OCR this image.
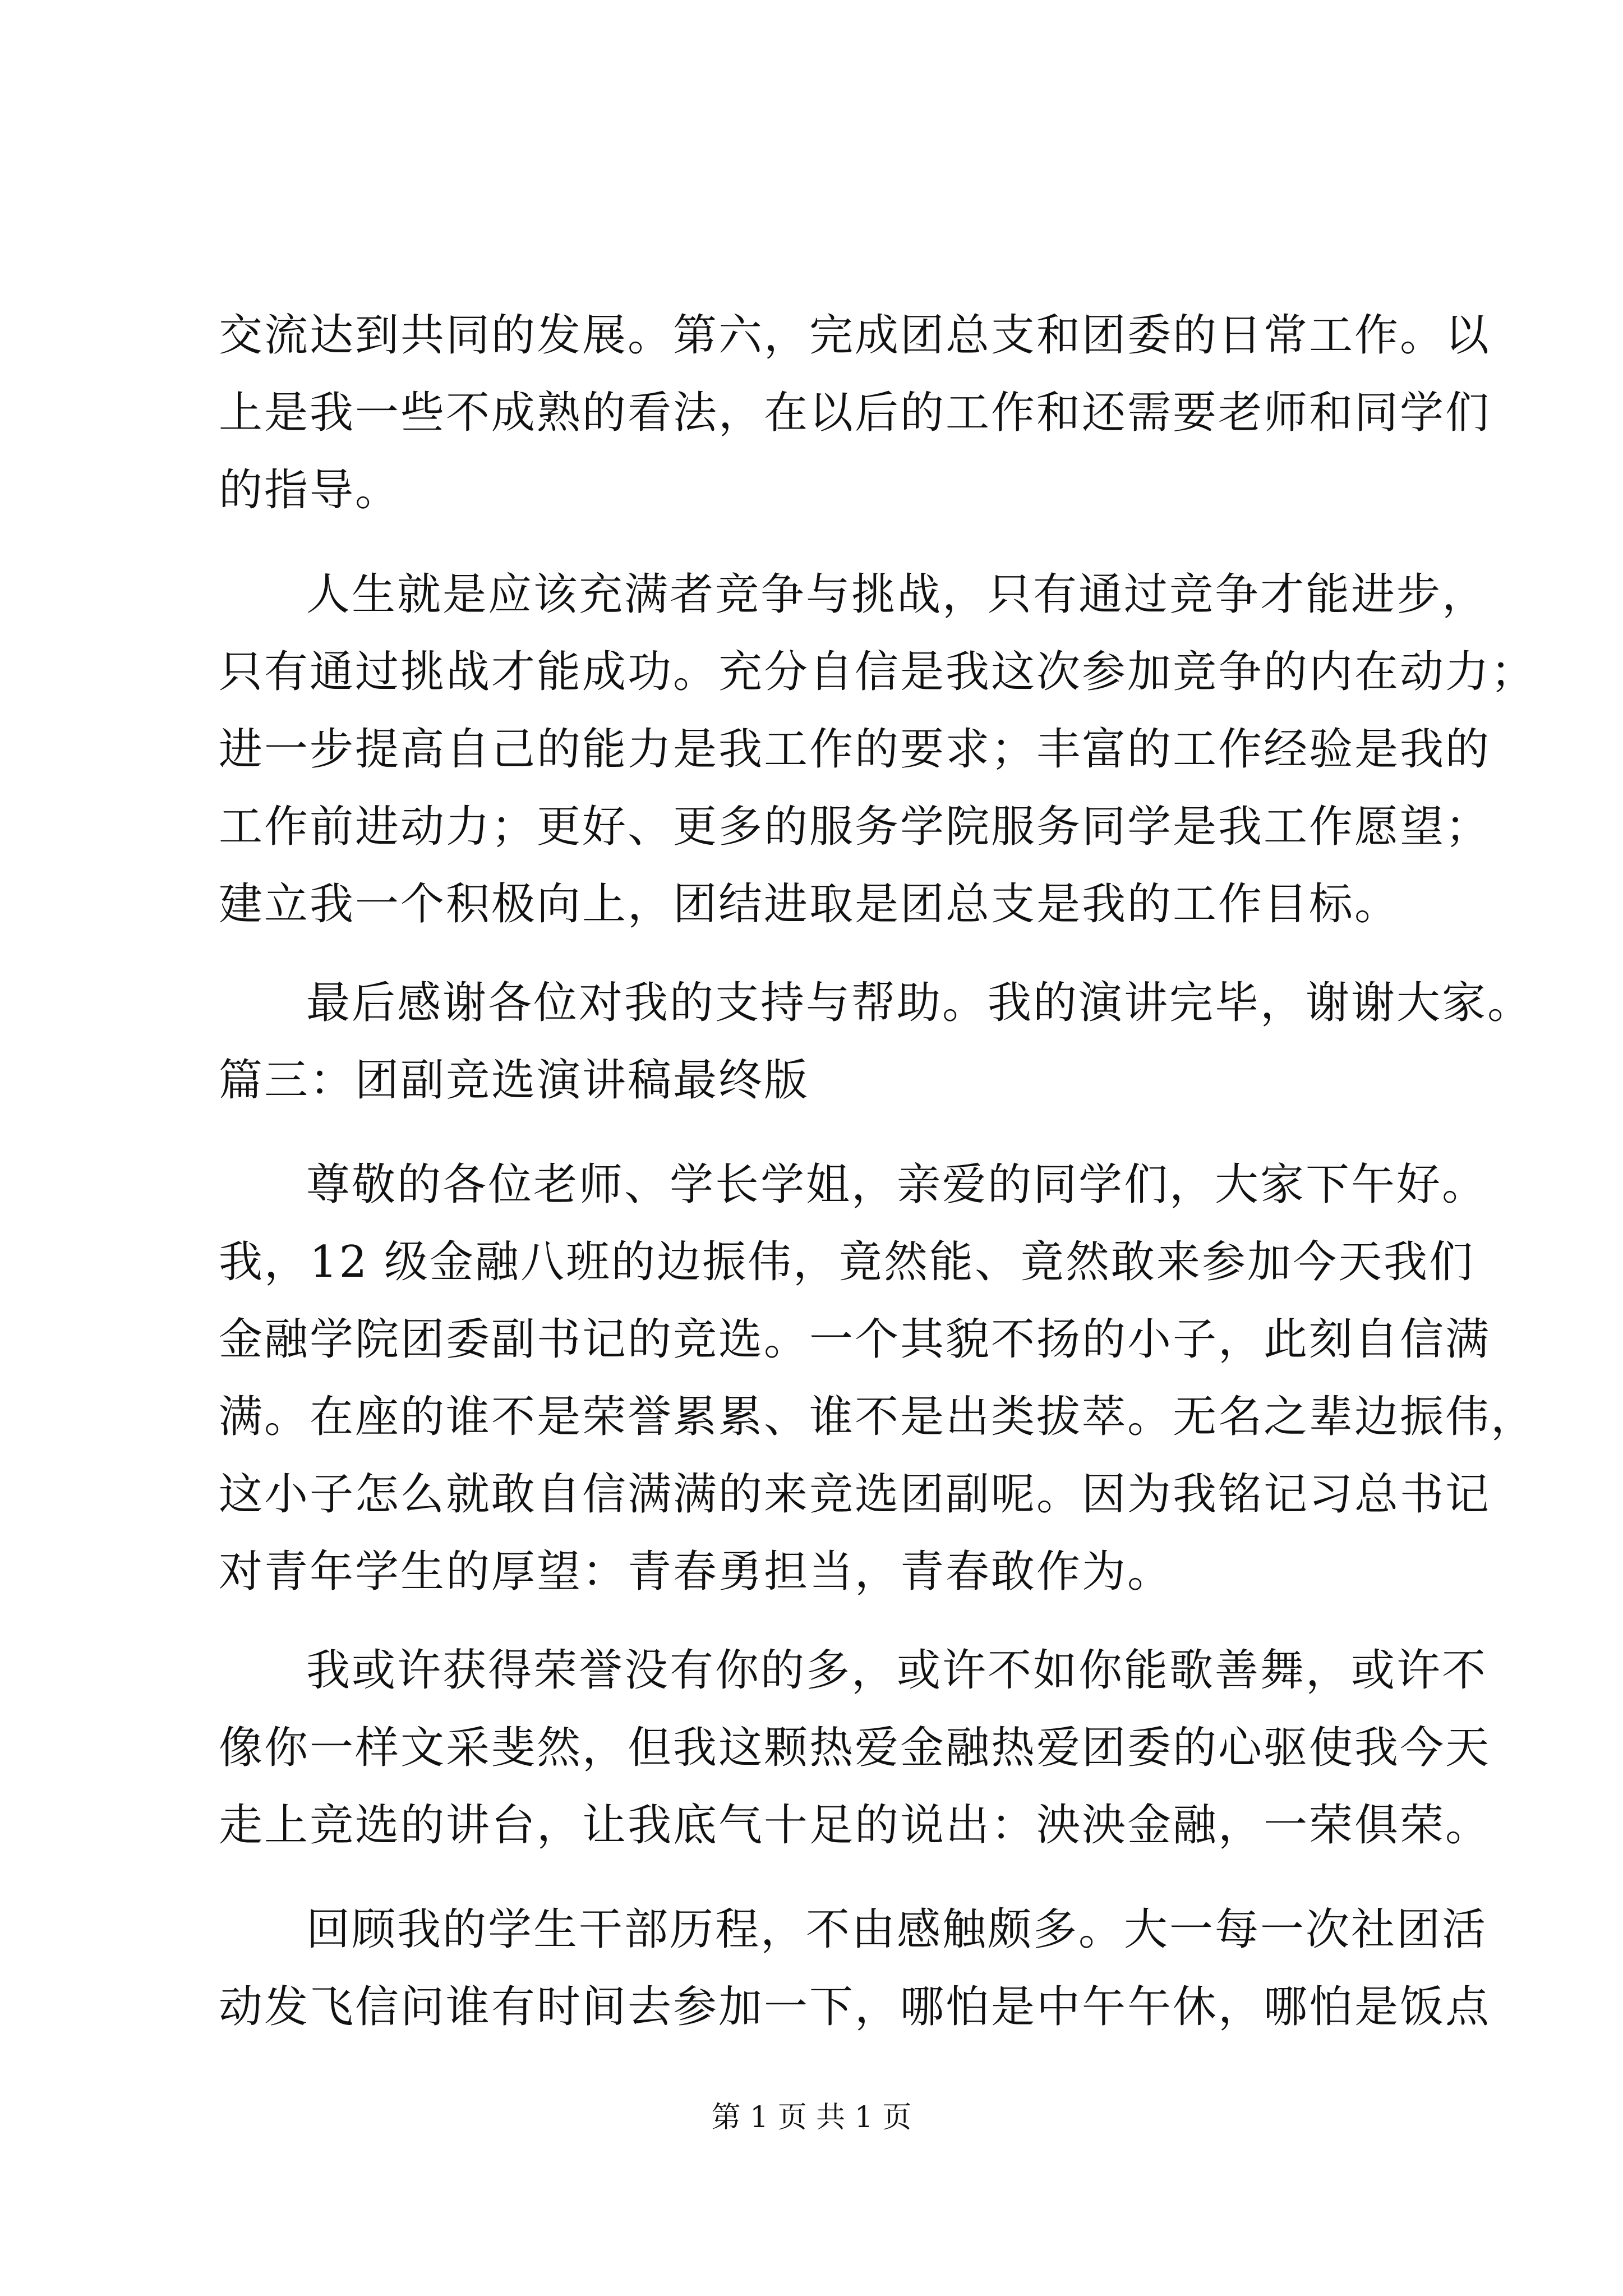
交流达到共同的发展。第六，完成团总支和团委的日常工作。以
上是我一些不成熟的看法，在以后的工作和还需要老师和同学们
的指导。
人生就是应该充满者竞争与挑战，只有通过竞争才能进步，
只有通过挑战才能成功。充分自信是我这次参加竞争的内在动力；
进一步提高自己的能力是我工作的要求；丰富的工作经验是我的
工作前进动力；更好、更多的服务学院服务同学是我工作愿望；
建立我一个积极向上，团结进取是团总支是我的工作目标。
最后感谢各位对我的支持与帮助。我的演讲完毕，谢谢大家。
篇三：团副竞选演讲稿最终版
尊敬的各位老师、学长学姐，亲爱的同学们，大家下午好。
我，12 级金融八班的边振伟，竟然能、竟然敢来参加今天我们
金融学院团委副书记的竞选。一个其貌不扬的小子，此刻自信满
满。在座的谁不是荣誉累累、谁不是出类拔萃。无名之辈边振伟，
这小子怎么就敢自信满满的来竞选团副呢。因为我铭记习总书记
对青年学生的厚望：青春勇担当，青春敢作为。
我或许获得荣誉没有你的多，或许不如你能歌善舞，或许不
像你一样文采斐然，但我这颗热爱金融热爱团委的心驱使我今天
走上竞选的讲台，让我底气十足的说出：泱泱金融，一荣俱荣。
回顾我的学生干部历程，不由感触颇多。大一每一次社团活
动发飞信问谁有时间去参加一下，哪怕是中午午休，哪怕是饭点
第 1 页 共 1 页
